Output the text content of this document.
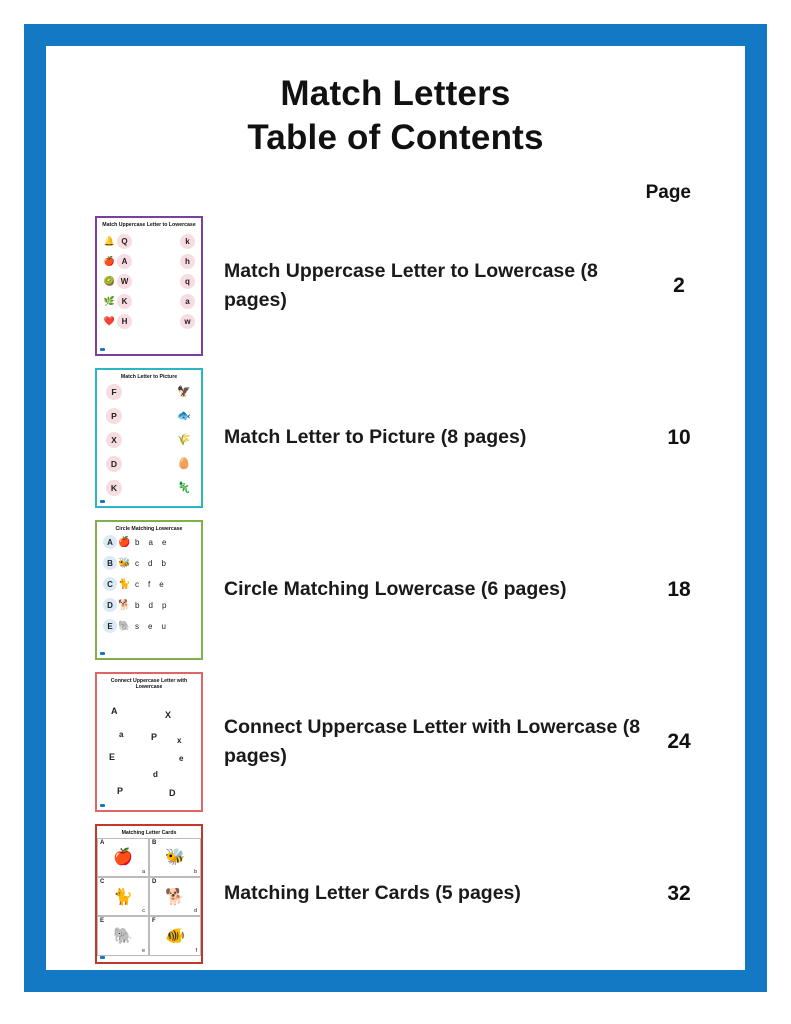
Match Letters
Table of Contents
Page
Match Uppercase Letter to Lowercase
🔔 Q	k
🍎 A	h
🥝 W	q
🌿 K	a
❤️ H	w

	Match Uppercase Letter to Lowercase (8 pages)	2

Match Letter to Picture
F	🦅
P	🐟
X	🌾
D	🥚
K	🦎

	Match Letter to Picture (8 pages)	10

Circle Matching Lowercase
A 🍎 b a e
B 🐝 c d b
C 🐈 c f e
D 🐕 b d p
E 🐘 s e u

	Circle Matching Lowercase (6 pages)	18

Connect Uppercase Letter with Lowercase
A	X
a	P x
E	e
d
P	D

	Connect Uppercase Letter with Lowercase (8 pages)	24

Matching Letter Cards
A
🍎
a
B
🐝
b
C
🐈
c
D
🐕
d
E
🐘
e
F
🐠
f

	Matching Letter Cards (5 pages)	32
